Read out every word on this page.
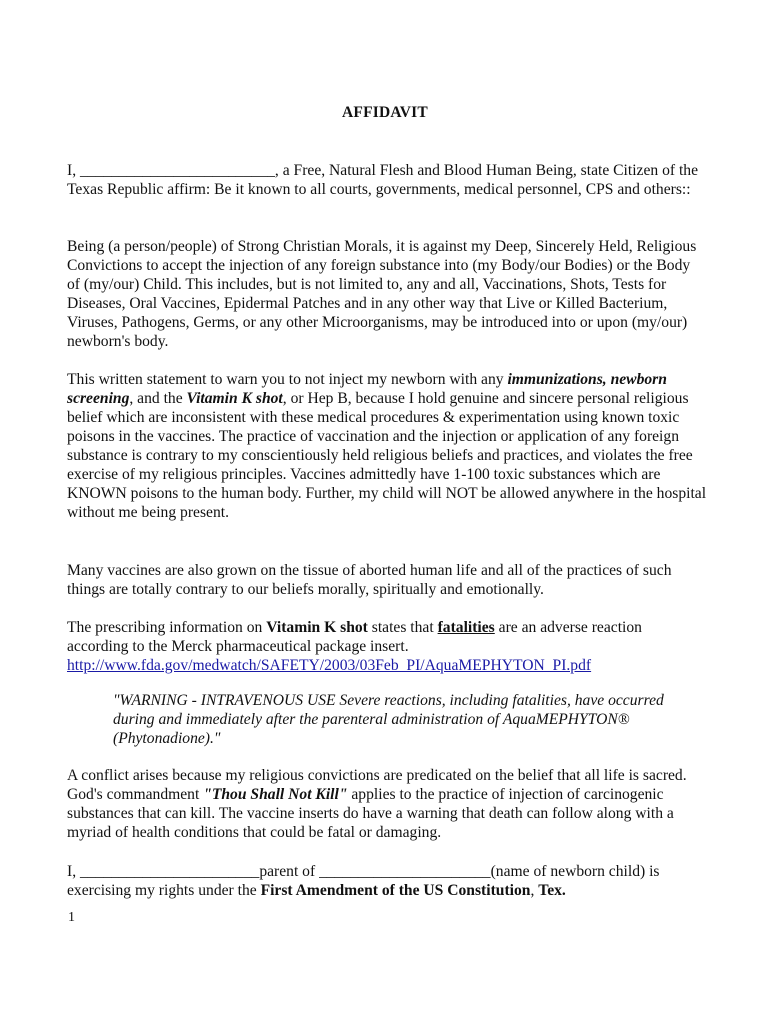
AFFIDAVIT

I, _________________________, a Free, Natural Flesh and Blood Human Being, state Citizen of the Texas Republic affirm: Be it known to all courts, governments, medical personnel, CPS and others::

Being (a person/people) of Strong Christian Morals, it is against my Deep, Sincerely Held, Religious Convictions to accept the injection of any foreign substance into (my Body/our Bodies) or the Body of (my/our) Child. This includes, but is not limited to, any and all, Vaccinations, Shots, Tests for Diseases, Oral Vaccines, Epidermal Patches and in any other way that Live or Killed Bacterium, Viruses, Pathogens, Germs, or any other Microorganisms, may be introduced into or upon (my/our) newborn's body.

This written statement to warn you to not inject my newborn with any immunizations, newborn screening, and the Vitamin K shot, or Hep B, because I hold genuine and sincere personal religious belief which are inconsistent with these medical procedures & experimentation using known toxic poisons in the vaccines. The practice of vaccination and the injection or application of any foreign substance is contrary to my conscientiously held religious beliefs and practices, and violates the free exercise of my religious principles. Vaccines admittedly have 1-100 toxic substances which are KNOWN poisons to the human body. Further, my child will NOT be allowed anywhere in the hospital without me being present.

Many vaccines are also grown on the tissue of aborted human life and all of the practices of such things are totally contrary to our beliefs morally, spiritually and emotionally.

The prescribing information on Vitamin K shot states that fatalities are an adverse reaction according to the Merck pharmaceutical package insert.
http://www.fda.gov/medwatch/SAFETY/2003/03Feb_PI/AquaMEPHYTON_PI.pdf

"WARNING - INTRAVENOUS USE Severe reactions, including fatalities, have occurred during and immediately after the parenteral administration of AquaMEPHYTON® (Phytonadione)."

A conflict arises because my religious convictions are predicated on the belief that all life is sacred. God's commandment "Thou Shall Not Kill" applies to the practice of injection of carcinogenic substances that can kill. The vaccine inserts do have a warning that death can follow along with a myriad of health conditions that could be fatal or damaging.

I, _______________________parent of ______________________(name of newborn child) is exercising my rights under the First Amendment of the US Constitution, Tex.

1
